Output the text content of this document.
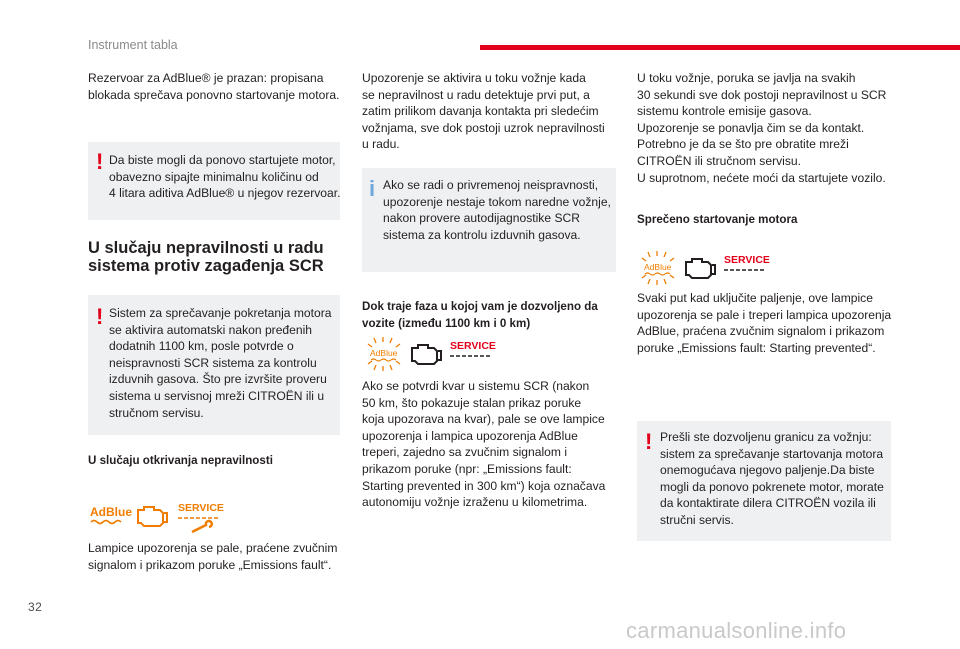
Instrument tabla
Rezervoar za AdBlue® je prazan: propisana
blokada sprečava ponovno startovanje motora.
! Da biste mogli da ponovo startujete motor,
obavezno sipajte minimalnu količinu od
4 litara aditiva AdBlue® u njegov rezervoar.
U slučaju nepravilnosti u radu
sistema protiv zagađenja SCR
! Sistem za sprečavanje pokretanja motora
se aktivira automatski nakon pređenih
dodatnih 1100 km, posle potvrde o
neispravnosti SCR sistema za kontrolu
izduvnih gasova. Što pre izvršite proveru
sistema u servisnoj mreži CITROËN ili u
stručnom servisu.
U slučaju otkrivanja nepravilnosti
AdBlue	SERVICE
Lampice upozorenja se pale, praćene zvučnim
signalom i prikazom poruke „Emissions fault“.
Upozorenje se aktivira u toku vožnje kada
se nepravilnost u radu detektuje prvi put, a
zatim prilikom davanja kontakta pri sledećim
vožnjama, sve dok postoji uzrok nepravilnosti
u radu.
i Ako se radi o privremenoj neispravnosti,
upozorenje nestaje tokom naredne vožnje,
nakon provere autodijagnostike SCR
sistema za kontrolu izduvnih gasova.
Dok traje faza u kojoj vam je dozvoljeno da
vozite (između 1100 km i 0 km)
AdBlue
SERVICE
Ako se potvrdi kvar u sistemu SCR (nakon
50 km, što pokazuje stalan prikaz poruke
koja upozorava na kvar), pale se ove lampice
upozorenja i lampica upozorenja AdBlue
treperi, zajedno sa zvučnim signalom i
prikazom poruke (npr: „Emissions fault:
Starting prevented in 300 km“) koja označava
autonomiju vožnje izraženu u kilometrima.
U toku vožnje, poruka se javlja na svakih
30 sekundi sve dok postoji nepravilnost u SCR
sistemu kontrole emisije gasova.
Upozorenje se ponavlja čim se da kontakt.
Potrebno je da se što pre obratite mreži
CITROËN ili stručnom servisu.
U suprotnom, nećete moći da startujete vozilo.
Sprečeno startovanje motora
AdBlue
SERVICE
Svaki put kad uključite paljenje, ove lampice
upozorenja se pale i treperi lampica upozorenja
AdBlue, praćena zvučnim signalom i prikazom
poruke „Emissions fault: Starting prevented“.
! Prešli ste dozvoljenu granicu za vožnju:
sistem za sprečavanje startovanja motora
onemogućava njegovo paljenje.Da biste
mogli da ponovo pokrenete motor, morate
da kontaktirate dilera CITROËN vozila ili
stručni servis.
32
carmanualsonline.info
